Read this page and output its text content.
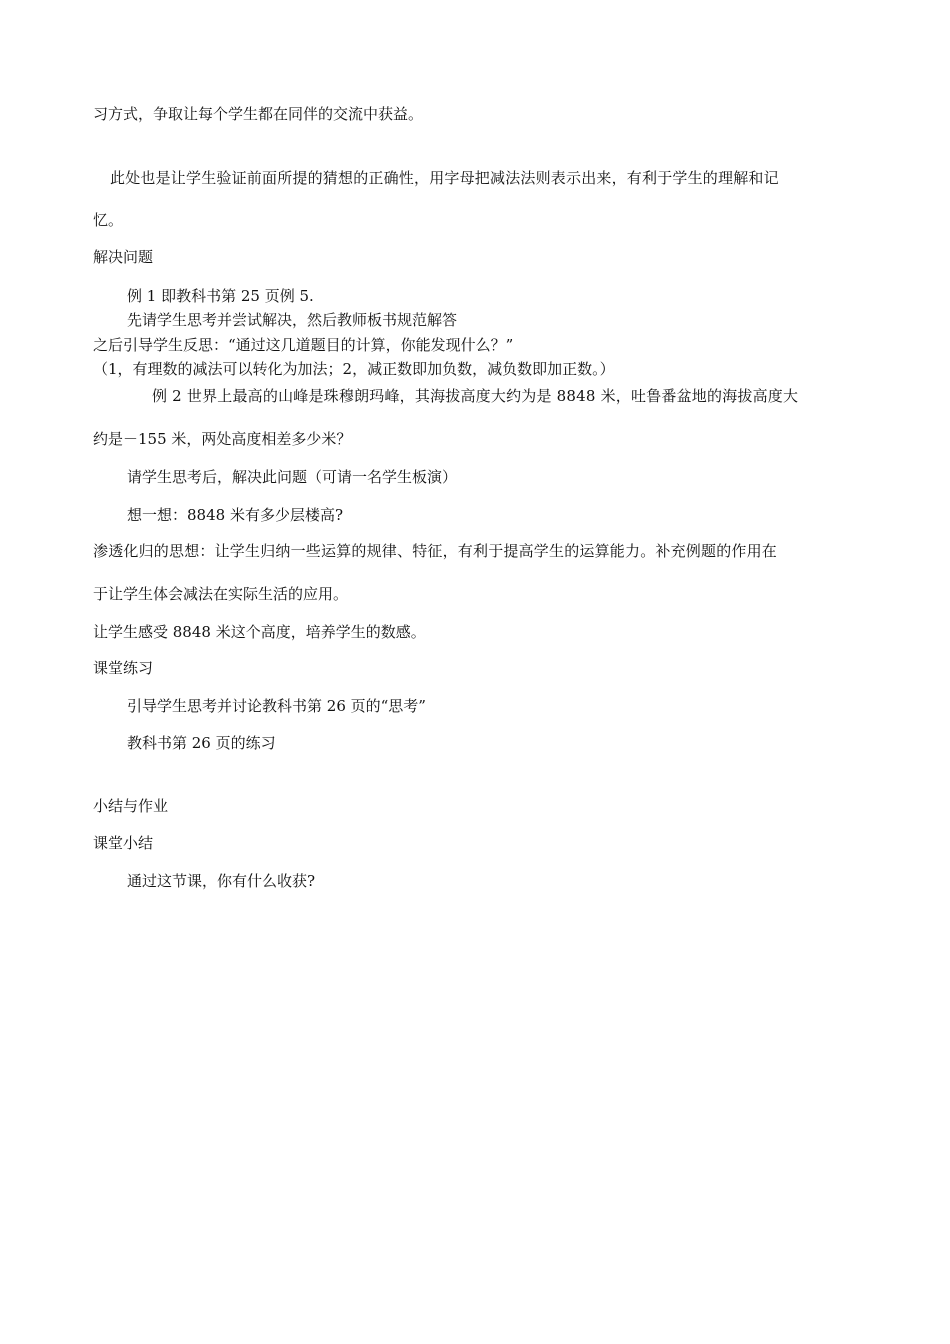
习方式，争取让每个学生都在同伴的交流中获益。
此处也是让学生验证前面所提的猜想的正确性，用字母把减法法则表示出来，有利于学生的理解和记
忆。
解决问题
例 1 即教科书第 25 页例 5.
先请学生思考并尝试解决，然后教师板书规范解答
之后引导学生反思：“通过这几道题目的计算，你能发现什么？”
（1，有理数的减法可以转化为加法；2，减正数即加负数，减负数即加正数。）
例 2 世界上最高的山峰是珠穆朗玛峰，其海拔高度大约为是 8848 米，吐鲁番盆地的海拔高度大
约是－155 米，两处高度相差多少米？
请学生思考后，解决此问题（可请一名学生板演）
想一想：8848 米有多少层楼高?
渗透化归的思想：让学生归纳一些运算的规律、特征，有利于提高学生的运算能力。补充例题的作用在
于让学生体会减法在实际生活的应用。
让学生感受 8848 米这个高度，培养学生的数感。
课堂练习
引导学生思考并讨论教科书第 26 页的“思考”
教科书第 26 页的练习
小结与作业
课堂小结
通过这节课，你有什么收获?
